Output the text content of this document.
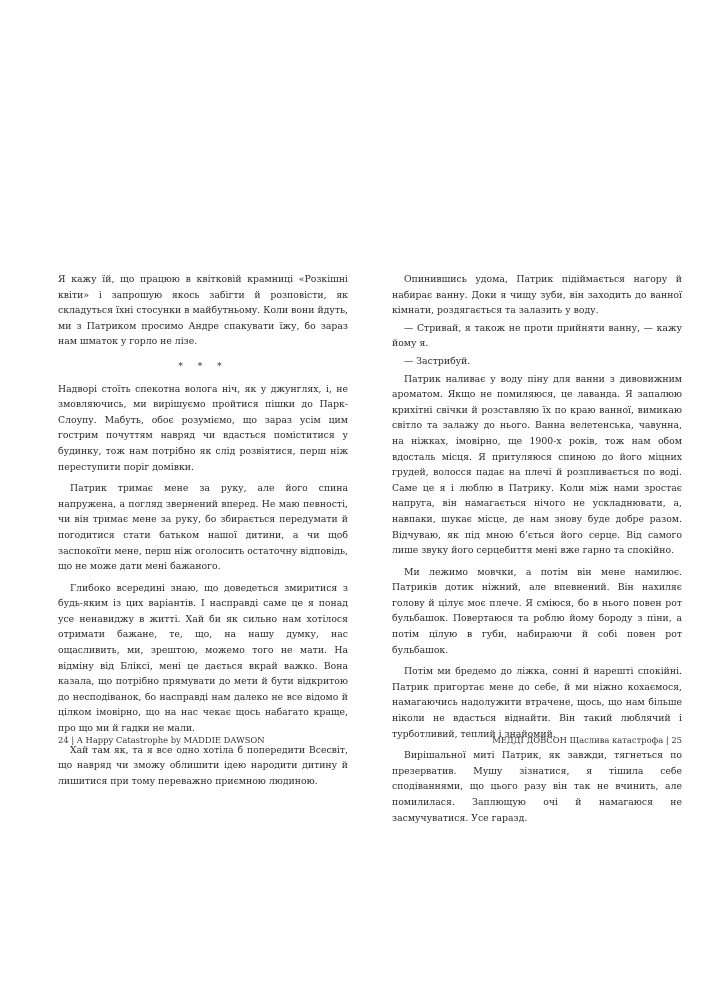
Я кажу їй, що працюю в квітковій крамниці «Розкішні квіти» і запрошую якось забігти й розповісти, як складуться їхні стосунки в майбутньому. Коли вони йдуть, ми з Патриком просимо Андре спакувати їжу, бо зараз нам шматок у горло не лізе.

* * *

Надворі стоїть спекотна волога ніч, як у джунглях, і, не змовляючись, ми вирішуємо пройтися пішки до Парк-Слоупу. Мабуть, обоє розуміємо, що зараз усім цим гострим почуттям навряд чи вдасться поміститися у будинку, тож нам потрібно як слід розвіятися, перш ніж переступити поріг домівки.

Патрик тримає мене за руку, але його спина напружена, а погляд звернений вперед. Не маю певності, чи він тримає мене за руку, бо збирається передумати й погодитися стати батьком нашої дитини, а чи щоб заспокоїти мене, перш ніж оголосить остаточну відповідь, що не може дати мені бажаного.

Глибоко всередині знаю, що доведеться змиритися з будь-яким із цих варіантів. І насправді саме це я понад усе ненавиджу в житті. Хай би як сильно нам хотілося отримати бажане, те, що, на нашу думку, нас ощасливить, ми, зрештою, можемо того не мати. На відміну від Бліксі, мені це дається вкрай важко. Вона казала, що потрібно прямувати до мети й бути відкритою до несподіванок, бо насправді нам далеко не все відомо й цілком імовірно, що на нас чекає щось набагато краще, про що ми й гадки не мали.

Хай там як, та я все одно хотіла б попередити Всесвіт, що навряд чи зможу облишити ідею народити дитину й лишитися при тому переважно приємною людиною.

Опинившись удома, Патрик підіймається нагору й набирає ванну. Доки я чищу зуби, він заходить до ванної кімнати, роздягається та залазить у воду.

— Стривай, я також не проти прийняти ванну, — кажу йому я.

— Застрибуй.

Патрик наливає у воду піну для ванни з дивовижним ароматом. Якщо не помиляюся, це лаванда. Я запалюю крихітні свічки й розставляю їх по краю ванної, вимикаю світло та залажу до нього. Ванна велетенська, чавунна, на ніжках, імовірно, ще 1900-х років, тож нам обом вдосталь місця. Я притуляюся спиною до його міцних грудей, волосся падає на плечі й розпливається по воді. Саме це я і люблю в Патрику. Коли між нами зростає напруга, він намагається нічого не ускладнювати, а, навпаки, шукає місце, де нам знову буде добре разом. Відчуваю, як під мною б’ється його серце. Від самого лише звуку його серцебиття мені вже гарно та спокійно.

Ми лежимо мовчки, а потім він мене намилює. Патриків дотик ніжний, але впевнений. Він нахиляє голову й цілує моє плече. Я сміюся, бо в нього повен рот бульбашок. Повертаюся та роблю йому бороду з піни, а потім цілую в губи, набираючи й собі повен рот бульбашок.

Потім ми бредемо до ліжка, сонні й нарешті спокійні. Патрик пригортає мене до себе, й ми ніжно кохаємося, намагаючись надолужити втрачене, щось, що нам більше ніколи не вдасться віднайти. Він такий люблячий і турботливий, теплий і знайомий.

Вирішальної миті Патрик, як завжди, тягнеться по презерватив. Мушу зізнатися, я тішила себе сподіваннями, що цього разу він так не вчинить, але помилилася. Заплющую очі й намагаюся не засмучуватися. Усе гаразд.

24 | A Happy Catastrophe by MADDIE DAWSON	МЕДДІ ДОВСОН Щаслива катастрофа | 25
